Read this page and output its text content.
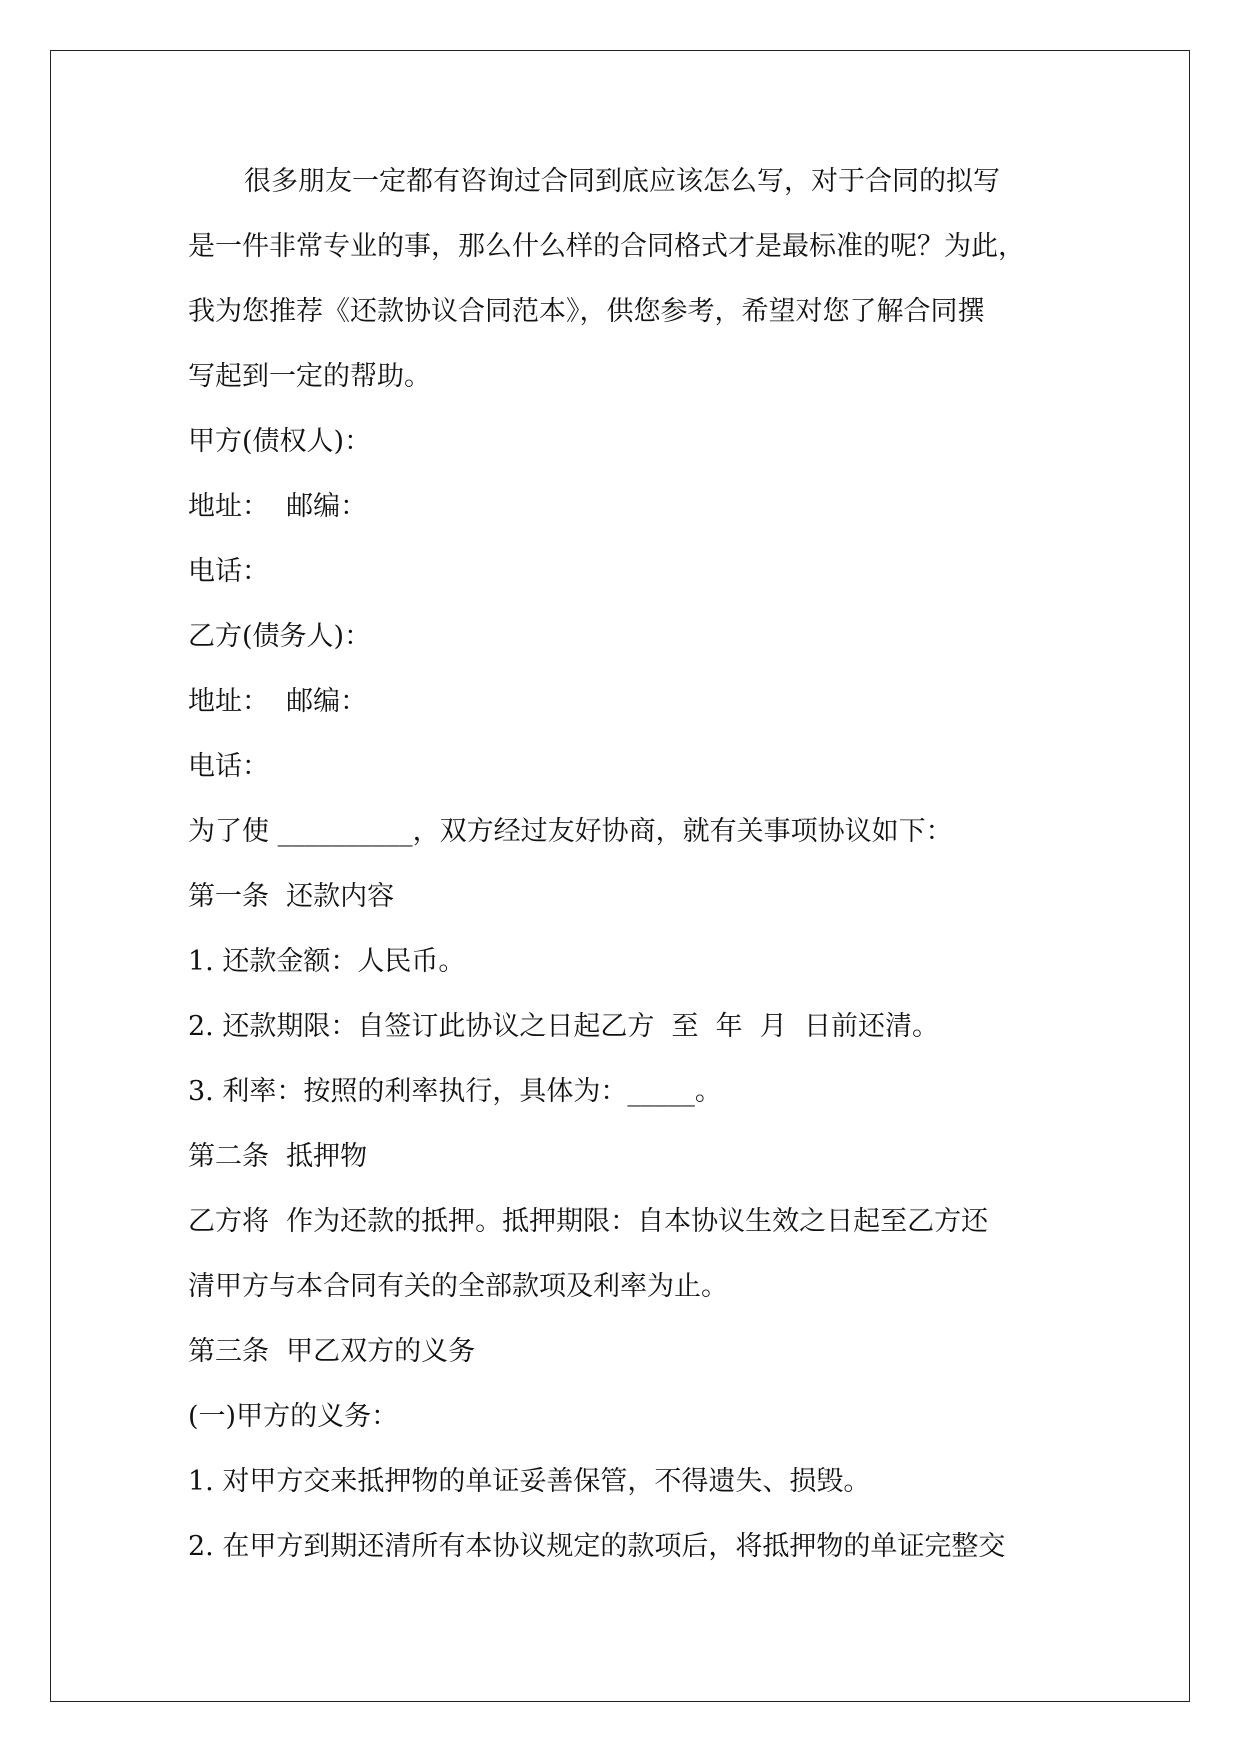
很多朋友一定都有咨询过合同到底应该怎么写，对于合同的拟写
是一件非常专业的事，那么什么样的合同格式才是最标准的呢？为此，
我为您推荐《还款协议合同范本》，供您参考，希望对您了解合同撰
写起到一定的帮助。
甲方(债权人)：
地址：  邮编：
电话：
乙方(债务人)：
地址：  邮编：
电话：
为了使 __________，双方经过友好协商，就有关事项协议如下：
第一条  还款内容
1. 还款金额：人民币。
2. 还款期限：自签订此协议之日起乙方  至  年  月  日前还清。
3. 利率：按照的利率执行，具体为：_____。
第二条  抵押物
乙方将  作为还款的抵押。抵押期限：自本协议生效之日起至乙方还
清甲方与本合同有关的全部款项及利率为止。
第三条  甲乙双方的义务
(一)甲方的义务：
1. 对甲方交来抵押物的单证妥善保管，不得遗失、损毁。
2. 在甲方到期还清所有本协议规定的款项后，将抵押物的单证完整交
